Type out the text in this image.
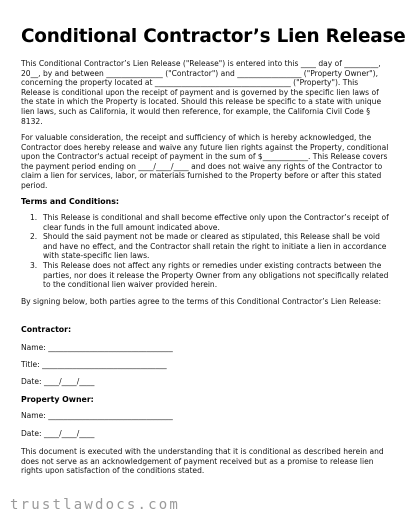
Conditional Contractor’s Lien Release
This Conditional Contractor’s Lien Release ("Release") is entered into this ____ day of _________, 20__, by and between _______________ ("Contractor") and _________________ ("Property Owner"), concerning the property located at ____________________________________ ("Property"). This Release is conditional upon the receipt of payment and is governed by the specific lien laws of the state in which the Property is located. Should this release be specific to a state with unique lien laws, such as California, it would then reference, for example, the California Civil Code § 8132.
For valuable consideration, the receipt and sufficiency of which is hereby acknowledged, the Contractor does hereby release and waive any future lien rights against the Property, conditional upon the Contractor's actual receipt of payment in the sum of $____________. This Release covers the payment period ending on ____/____/____ and does not waive any rights of the Contractor to claim a lien for services, labor, or materials furnished to the Property before or after this stated period.
Terms and Conditions:
1. This Release is conditional and shall become effective only upon the Contractor’s receipt of clear funds in the full amount indicated above.
2. Should the said payment not be made or cleared as stipulated, this Release shall be void and have no effect, and the Contractor shall retain the right to initiate a lien in accordance with state-specific lien laws.
3. This Release does not affect any rights or remedies under existing contracts between the parties, nor does it release the Property Owner from any obligations not specifically related to the conditional lien waiver provided herein.
By signing below, both parties agree to the terms of this Conditional Contractor’s Lien Release:
Contractor:
Name: _________________________________
Title: _________________________________
Date: ____/____/____
Property Owner:
Name: _________________________________
Date: ____/____/____
This document is executed with the understanding that it is conditional as described herein and does not serve as an acknowledgement of payment received but as a promise to release lien rights upon satisfaction of the conditions stated.
trustlawdocs.com
